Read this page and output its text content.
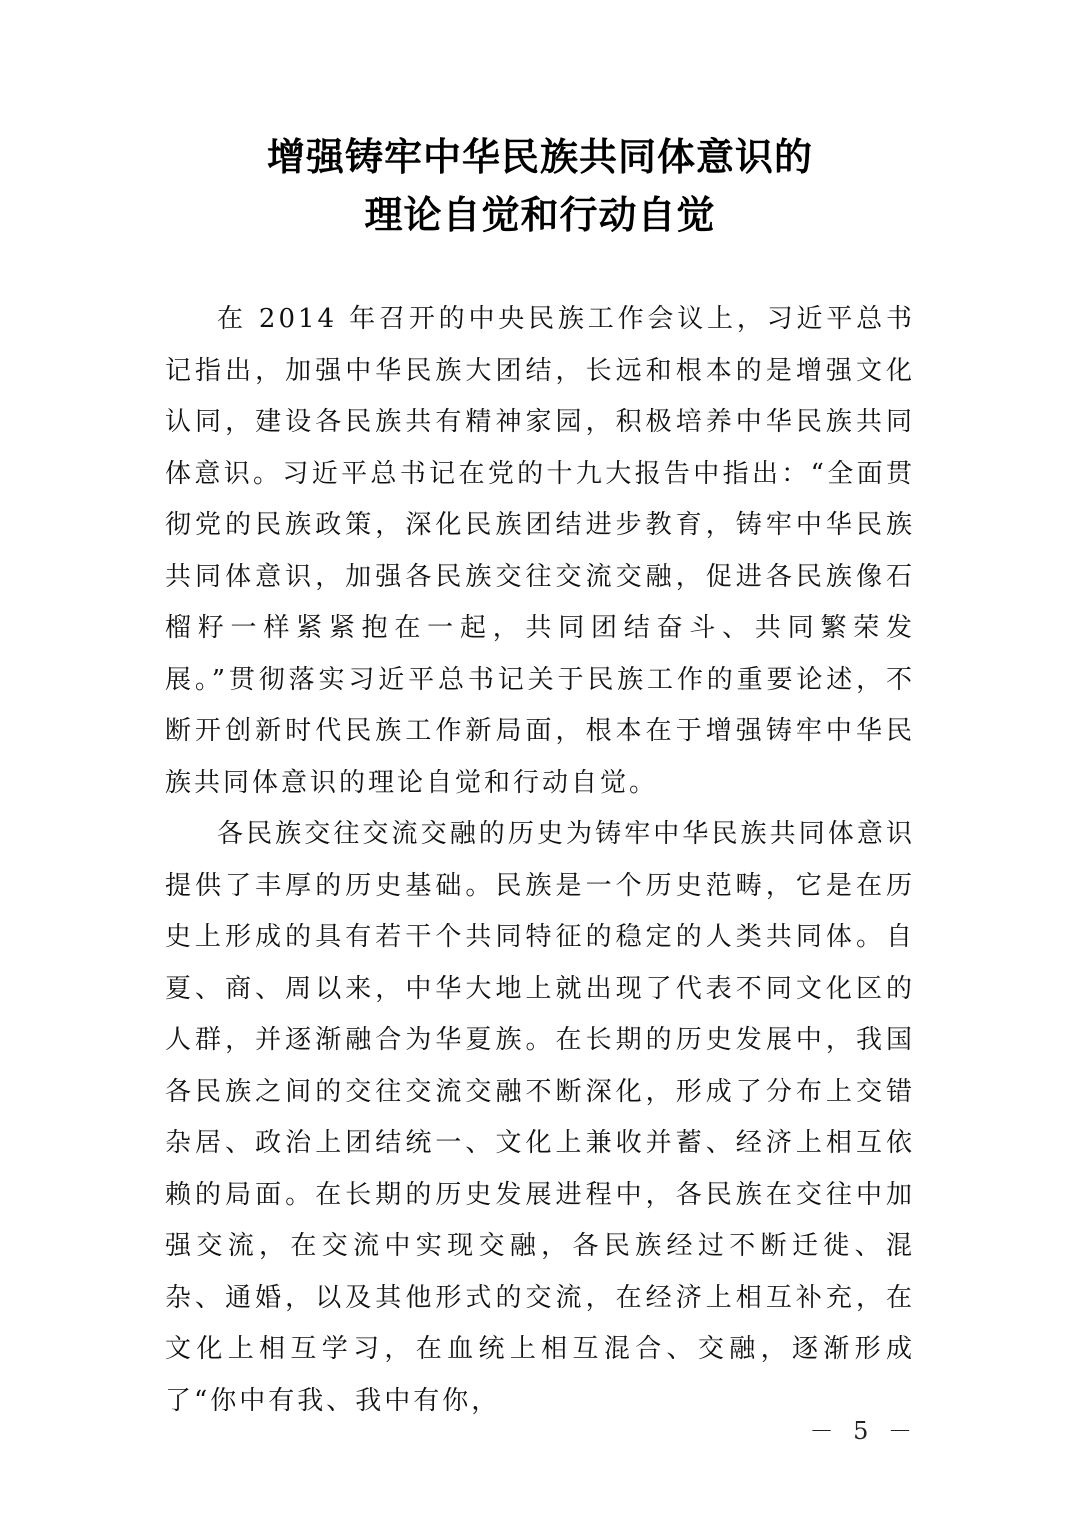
增强铸牢中华民族共同体意识的
理论自觉和行动自觉

在 2014 年召开的中央民族工作会议上，习近平总书记指出，加强中华民族大团结，长远和根本的是增强文化认同，建设各民族共有精神家园，积极培养中华民族共同体意识。习近平总书记在党的十九大报告中指出：“全面贯彻党的民族政策，深化民族团结进步教育，铸牢中华民族共同体意识，加强各民族交往交流交融，促进各民族像石榴籽一样紧紧抱在一起，共同团结奋斗、共同繁荣发展。”贯彻落实习近平总书记关于民族工作的重要论述，不断开创新时代民族工作新局面，根本在于增强铸牢中华民族共同体意识的理论自觉和行动自觉。

各民族交往交流交融的历史为铸牢中华民族共同体意识提供了丰厚的历史基础。民族是一个历史范畴，它是在历史上形成的具有若干个共同特征的稳定的人类共同体。自夏、商、周以来，中华大地上就出现了代表不同文化区的人群，并逐渐融合为华夏族。在长期的历史发展中，我国各民族之间的交往交流交融不断深化，形成了分布上交错杂居、政治上团结统一、文化上兼收并蓄、经济上相互依赖的局面。在长期的历史发展进程中，各民族在交往中加强交流，在交流中实现交融，各民族经过不断迁徙、混杂、通婚，以及其他形式的交流，在经济上相互补充，在文化上相互学习，在血统上相互混合、交融，逐渐形成了“你中有我、我中有你，

－ 5 －
